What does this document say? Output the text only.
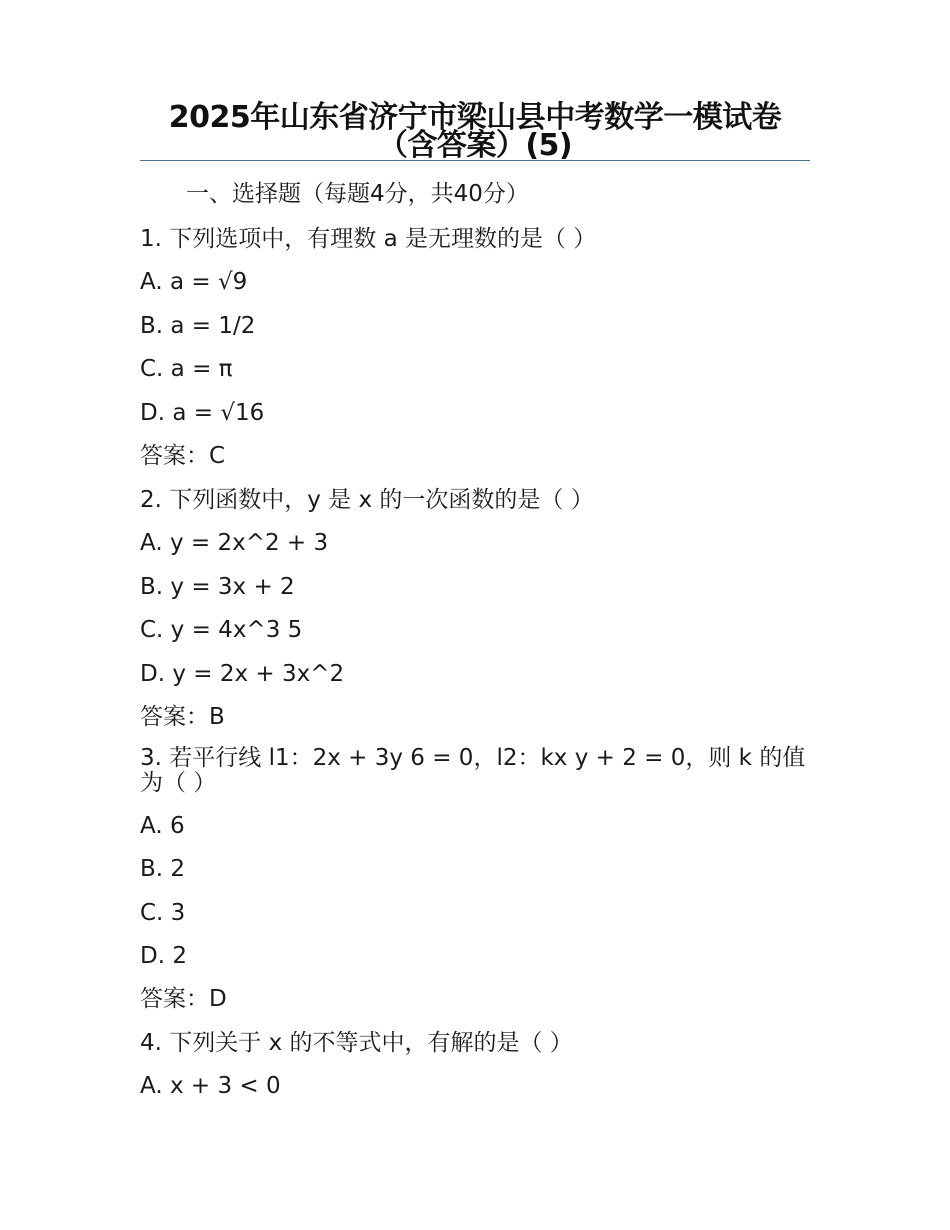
2025年山东省济宁市梁山县中考数学一模试卷（含答案）(5)
一、选择题（每题4分，共40分）
1. 下列选项中，有理数 a 是无理数的是（ ）
A. a = √9
B. a = 1/2
C. a = π
D. a = √16
答案：C
2. 下列函数中，y 是 x 的一次函数的是（ ）
A. y = 2x^2 + 3
B. y = 3x + 2
C. y = 4x^3 5
D. y = 2x + 3x^2
答案：B
3. 若平行线 l1：2x + 3y 6 = 0，l2：kx y + 2 = 0，则 k 的值为（ ）
A. 6
B. 2
C. 3
D. 2
答案：D
4. 下列关于 x 的不等式中，有解的是（ ）
A. x + 3 < 0
